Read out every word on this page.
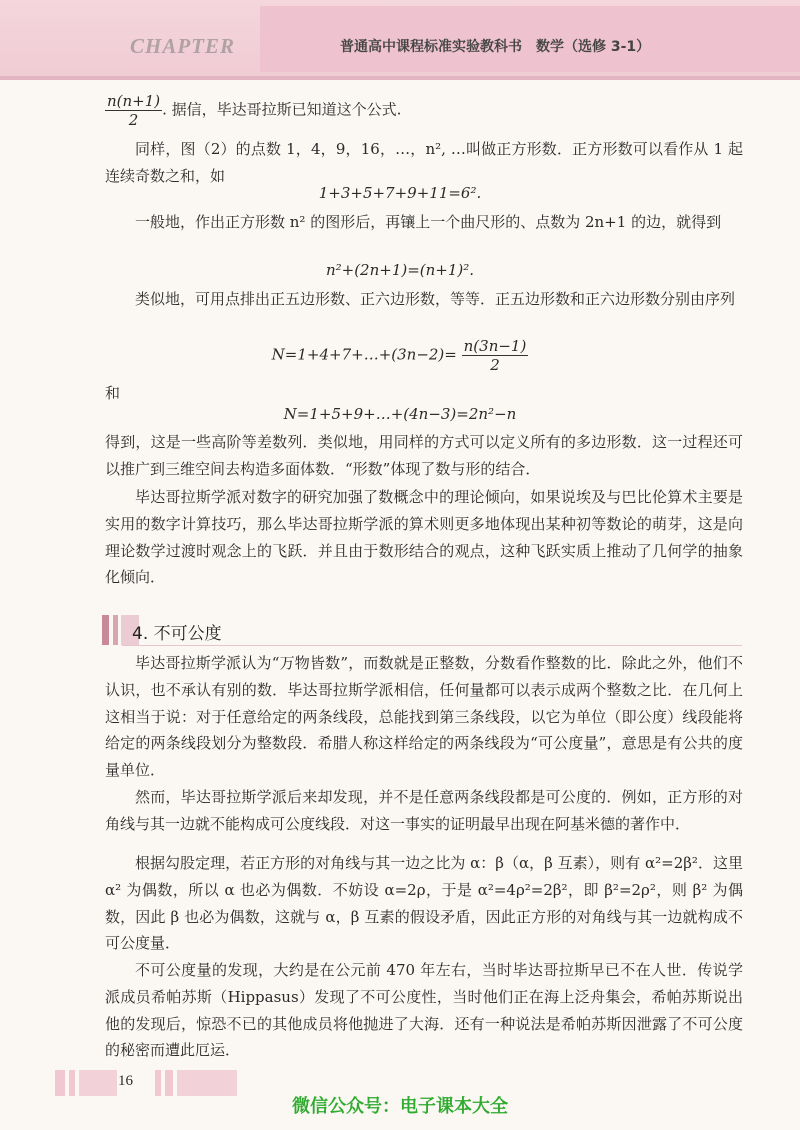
CHAPTER	普通高中课程标准实验教科书　数学（选修 3-1）
$\frac{n(n+1)}{2}$ . 据信，毕达哥拉斯已知道这个公式.
同样，图（2）的点数 1，4，9，16，…，n², …叫做正方形数．正方形数可以看作从 1 起连续奇数之和，如
1+3+5+7+9+11=6².
一般地，作出正方形数 n² 的图形后，再镶上一个曲尺形的、点数为 2n+1 的边，就得到
n²+(2n+1)=(n+1)².
类似地，可用点排出正五边形数、正六边形数，等等．正五边形数和正六边形数分别由序列
N=1+4+7+…+(3n−2)= $\frac{n(3n-1)}{2}$
和
N=1+5+9+…+(4n−3)=2n²−n
得到，这是一些高阶等差数列．类似地，用同样的方式可以定义所有的多边形数．这一过程还可以推广到三维空间去构造多面体数．“形数”体现了数与形的结合．
毕达哥拉斯学派对数字的研究加强了数概念中的理论倾向，如果说埃及与巴比伦算术主要是实用的数字计算技巧，那么毕达哥拉斯学派的算术则更多地体现出某种初等数论的萌芽，这是向理论数学过渡时观念上的飞跃．并且由于数形结合的观点，这种飞跃实质上推动了几何学的抽象化倾向．
4. 不可公度
毕达哥拉斯学派认为“万物皆数”，而数就是正整数，分数看作整数的比．除此之外，他们不认识，也不承认有别的数．毕达哥拉斯学派相信，任何量都可以表示成两个整数之比．在几何上这相当于说：对于任意给定的两条线段，总能找到第三条线段，以它为单位（即公度）线段能将给定的两条线段划分为整数段．希腊人称这样给定的两条线段为“可公度量”，意思是有公共的度量单位．
然而，毕达哥拉斯学派后来却发现，并不是任意两条线段都是可公度的．例如，正方形的对角线与其一边就不能构成可公度线段．对这一事实的证明最早出现在阿基米德的著作中．
根据勾股定理，若正方形的对角线与其一边之比为 α：β（α，β 互素），则有 α²=2β²．这里 α² 为偶数，所以 α 也必为偶数．不妨设 α=2ρ，于是 α²=4ρ²=2β²，即 β²=2ρ²，则 β² 为偶数，因此 β 也必为偶数，这就与 α，β 互素的假设矛盾，因此正方形的对角线与其一边就构成不可公度量．
不可公度量的发现，大约是在公元前 470 年左右，当时毕达哥拉斯早已不在人世．传说学派成员希帕苏斯（Hippasus）发现了不可公度性，当时他们正在海上泛舟集会，希帕苏斯说出他的发现后，惊恐不已的其他成员将他抛进了大海．还有一种说法是希帕苏斯因泄露了不可公度的秘密而遭此厄运．
16
微信公众号：电子课本大全
